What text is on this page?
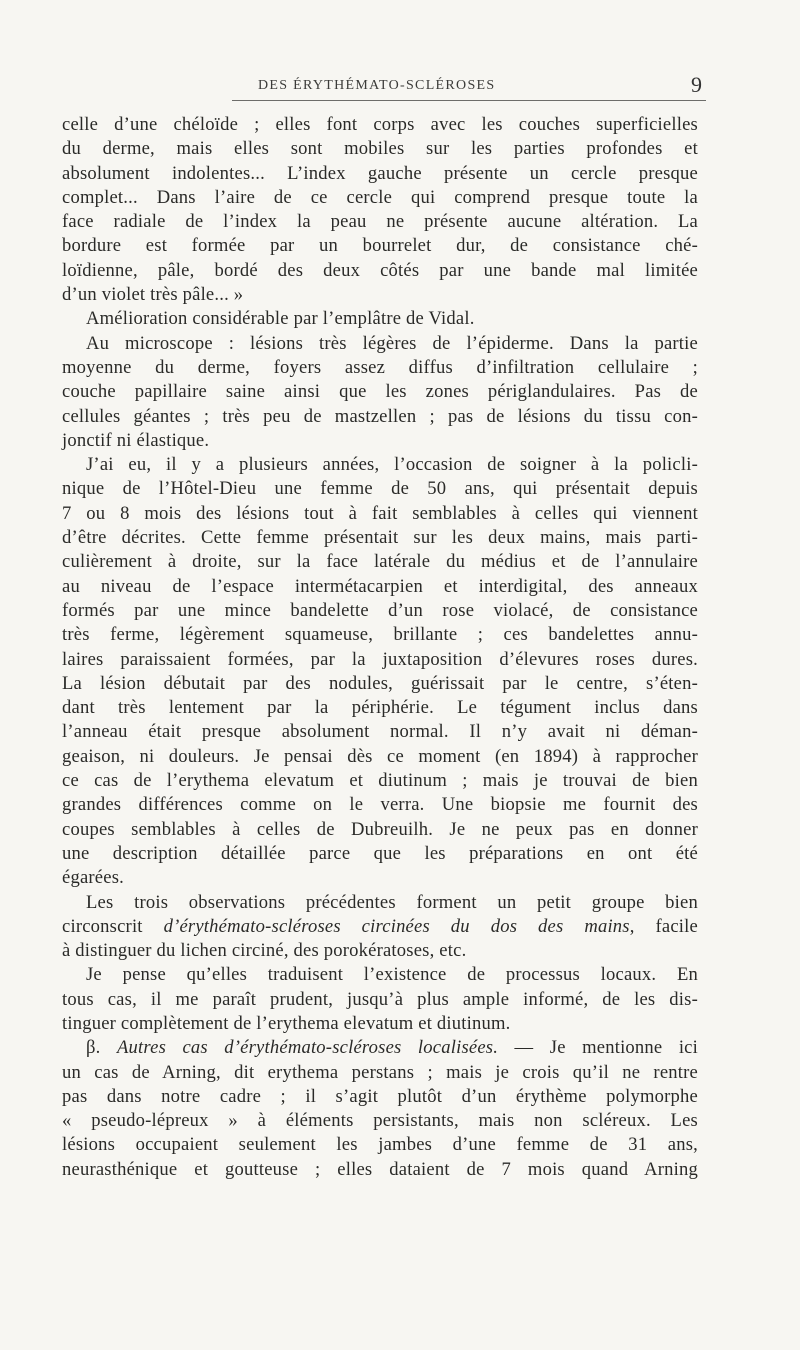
DES ÉRYTHÉMATO-SCLÉROSES	9
celle d’une chéloïde ; elles font corps avec les couches superficielles
du derme, mais elles sont mobiles sur les parties profondes et
absolument indolentes... L’index gauche présente un cercle presque
complet... Dans l’aire de ce cercle qui comprend presque toute la
face radiale de l’index la peau ne présente aucune altération. La
bordure est formée par un bourrelet dur, de consistance ché-
loïdienne, pâle, bordé des deux côtés par une bande mal limitée
d’un violet très pâle... »
Amélioration considérable par l’emplâtre de Vidal.
Au microscope : lésions très légères de l’épiderme. Dans la partie
moyenne du derme, foyers assez diffus d’infiltration cellulaire ;
couche papillaire saine ainsi que les zones périglandulaires. Pas de
cellules géantes ; très peu de mastzellen ; pas de lésions du tissu con-
jonctif ni élastique.
J’ai eu, il y a plusieurs années, l’occasion de soigner à la policli-
nique de l’Hôtel-Dieu une femme de 50 ans, qui présentait depuis
7 ou 8 mois des lésions tout à fait semblables à celles qui viennent
d’être décrites. Cette femme présentait sur les deux mains, mais parti-
culièrement à droite, sur la face latérale du médius et de l’annulaire
au niveau de l’espace intermétacarpien et interdigital, des anneaux
formés par une mince bandelette d’un rose violacé, de consistance
très ferme, légèrement squameuse, brillante ; ces bandelettes annu-
laires paraissaient formées, par la juxtaposition d’élevures roses dures.
La lésion débutait par des nodules, guérissait par le centre, s’éten-
dant très lentement par la périphérie. Le tégument inclus dans
l’anneau était presque absolument normal. Il n’y avait ni déman-
geaison, ni douleurs. Je pensai dès ce moment (en 1894) à rapprocher
ce cas de l’erythema elevatum et diutinum ; mais je trouvai de bien
grandes différences comme on le verra. Une biopsie me fournit des
coupes semblables à celles de Dubreuilh. Je ne peux pas en donner
une description détaillée parce que les préparations en ont été
égarées.
Les trois observations précédentes forment un petit groupe bien
circonscrit d’érythémato-scléroses circinées du dos des mains, facile
à distinguer du lichen circiné, des porokératoses, etc.
Je pense qu’elles traduisent l’existence de processus locaux. En
tous cas, il me paraît prudent, jusqu’à plus ample informé, de les dis-
tinguer complètement de l’erythema elevatum et diutinum.
β. Autres cas d’érythémato-scléroses localisées. — Je mentionne ici
un cas de Arning, dit erythema perstans ; mais je crois qu’il ne rentre
pas dans notre cadre ; il s’agit plutôt d’un érythème polymorphe
« pseudo-lépreux » à éléments persistants, mais non scléreux. Les
lésions occupaient seulement les jambes d’une femme de 31 ans,
neurasthénique et goutteuse ; elles dataient de 7 mois quand Arning
